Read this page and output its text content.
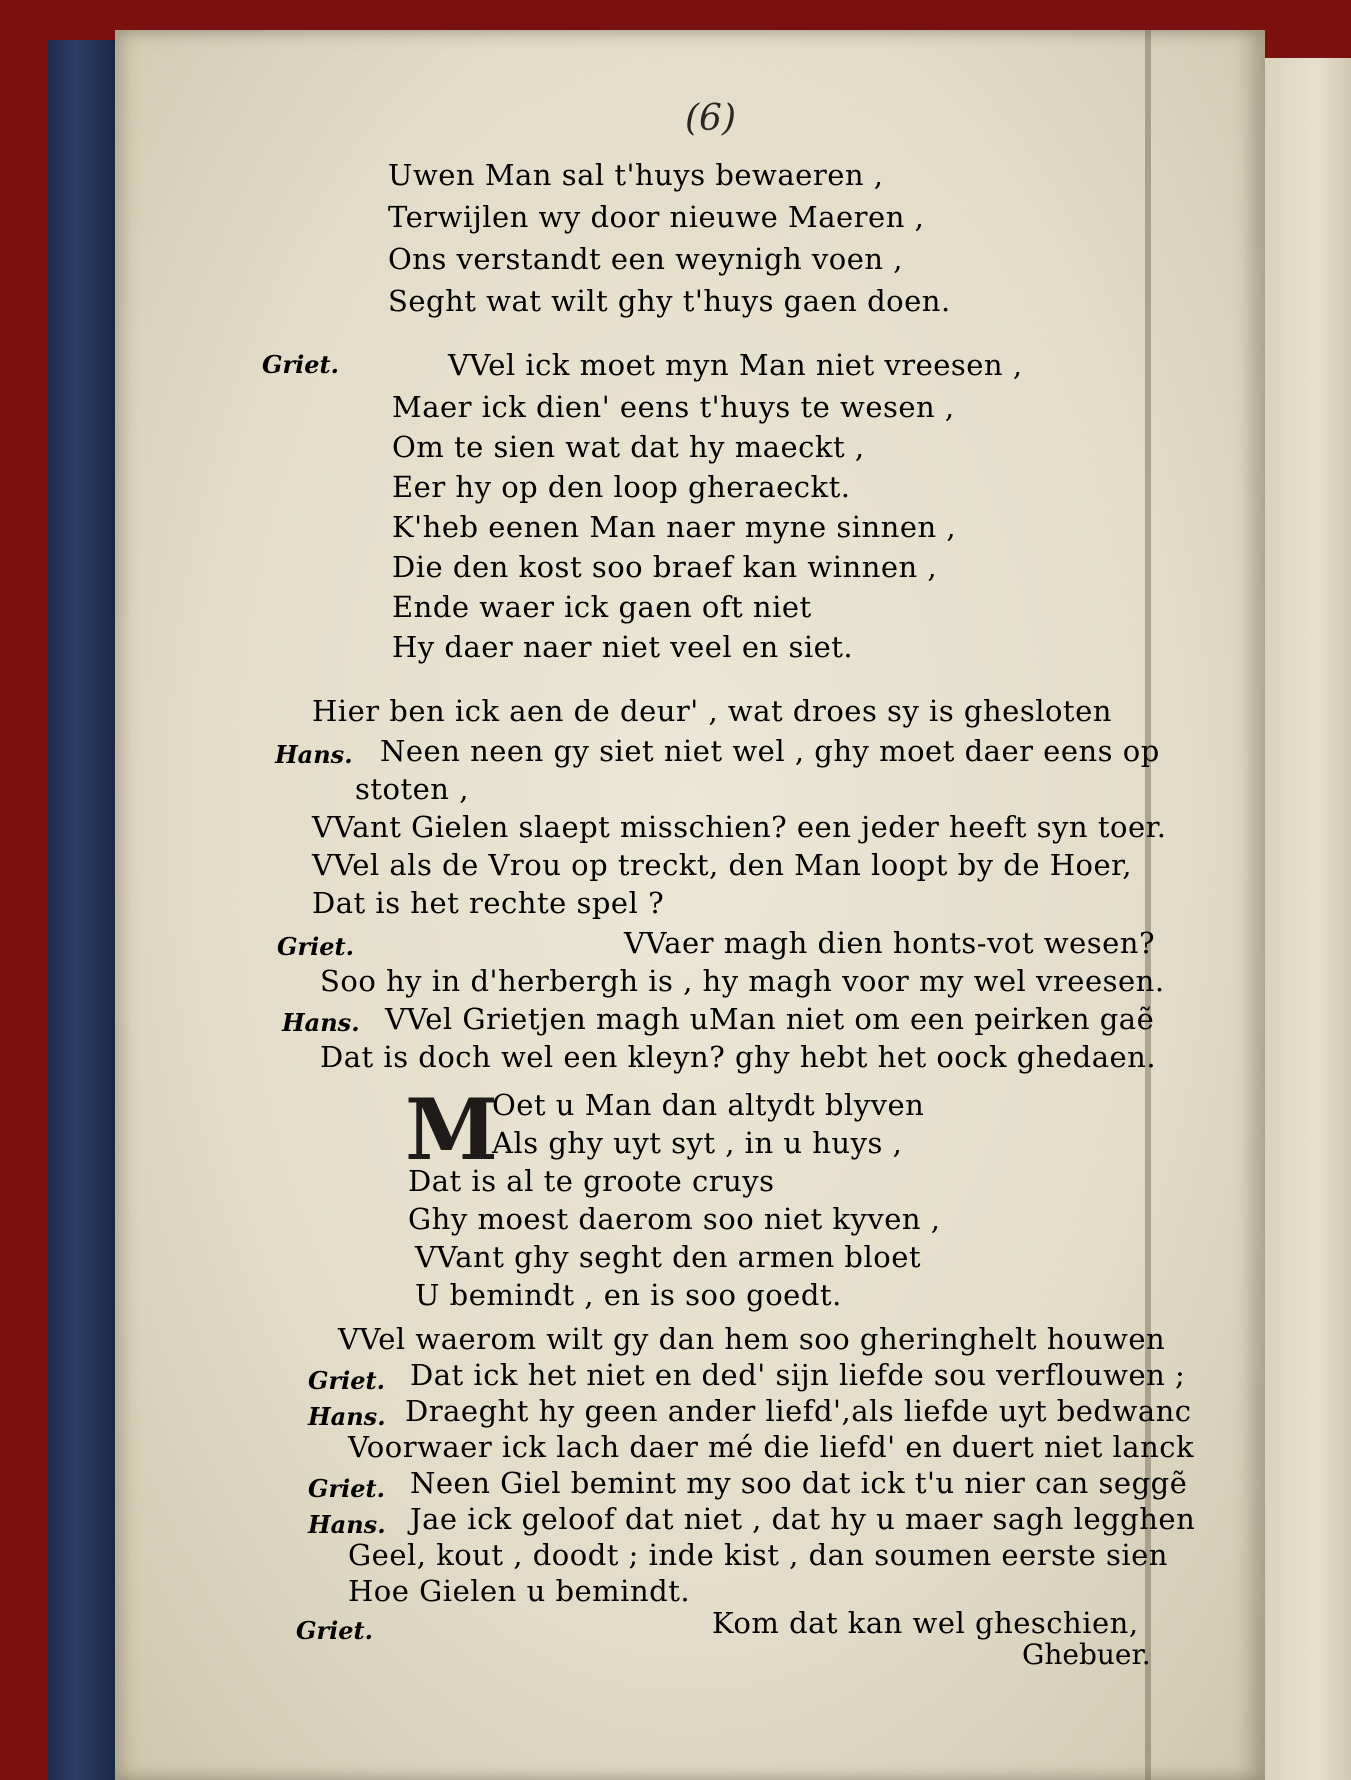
(6)
Uwen Man sal t'huys bewaeren ,
Terwijlen wy door nieuwe Maeren ,
Ons verstandt een weynigh voen ,
Seght wat wilt ghy t'huys gaen doen.
Griet.	VVel ick moet myn Man niet vreesen ,
Maer ick dien' eens t'huys te wesen ,
Om te sien wat dat hy maeckt ,
Eer hy op den loop gheraeckt.
K'heb eenen Man naer myne sinnen ,
Die den kost soo braef kan winnen ,
Ende waer ick gaen oft niet
Hy daer naer niet veel en siet.
Hier ben ick aen de deur' , wat droes sy is ghesloten
Hans. Neen neen gy siet niet wel , ghy moet daer eens op
stoten ,
VVant Gielen slaept misschien? een jeder heeft syn toer.
VVel als de Vrou op treckt, den Man loopt by de Hoer,
Dat is het rechte spel ?
Griet.	VVaer magh dien honts-vot wesen?
Soo hy in d'herbergh is , hy magh voor my wel vreesen.
Hans. VVel Grietjen magh uMan niet om een peirken gaẽ
Dat is doch wel een kleyn? ghy hebt het oock ghedaen.
M
Oet u Man dan altydt blyven
Als ghy uyt syt , in u huys ,
Dat is al te groote cruys
Ghy moest daerom soo niet kyven ,
VVant ghy seght den armen bloet
U bemindt , en is soo goedt.
VVel waerom wilt gy dan hem soo gheringhelt houwen
Griet. Dat ick het niet en ded' sijn liefde sou verflouwen ;
Hans. Draeght hy geen ander liefd',als liefde uyt bedwanc
Voorwaer ick lach daer mé die liefd' en duert niet lanck
Griet. Neen Giel bemint my soo dat ick t'u nier can seggẽ
Hans. Jae ick geloof dat niet , dat hy u maer sagh legghen
Geel, kout , doodt ; inde kist , dan soumen eerste sien
Hoe Gielen u bemindt.
Griet.	Kom dat kan wel gheschien,
Ghebuer.
